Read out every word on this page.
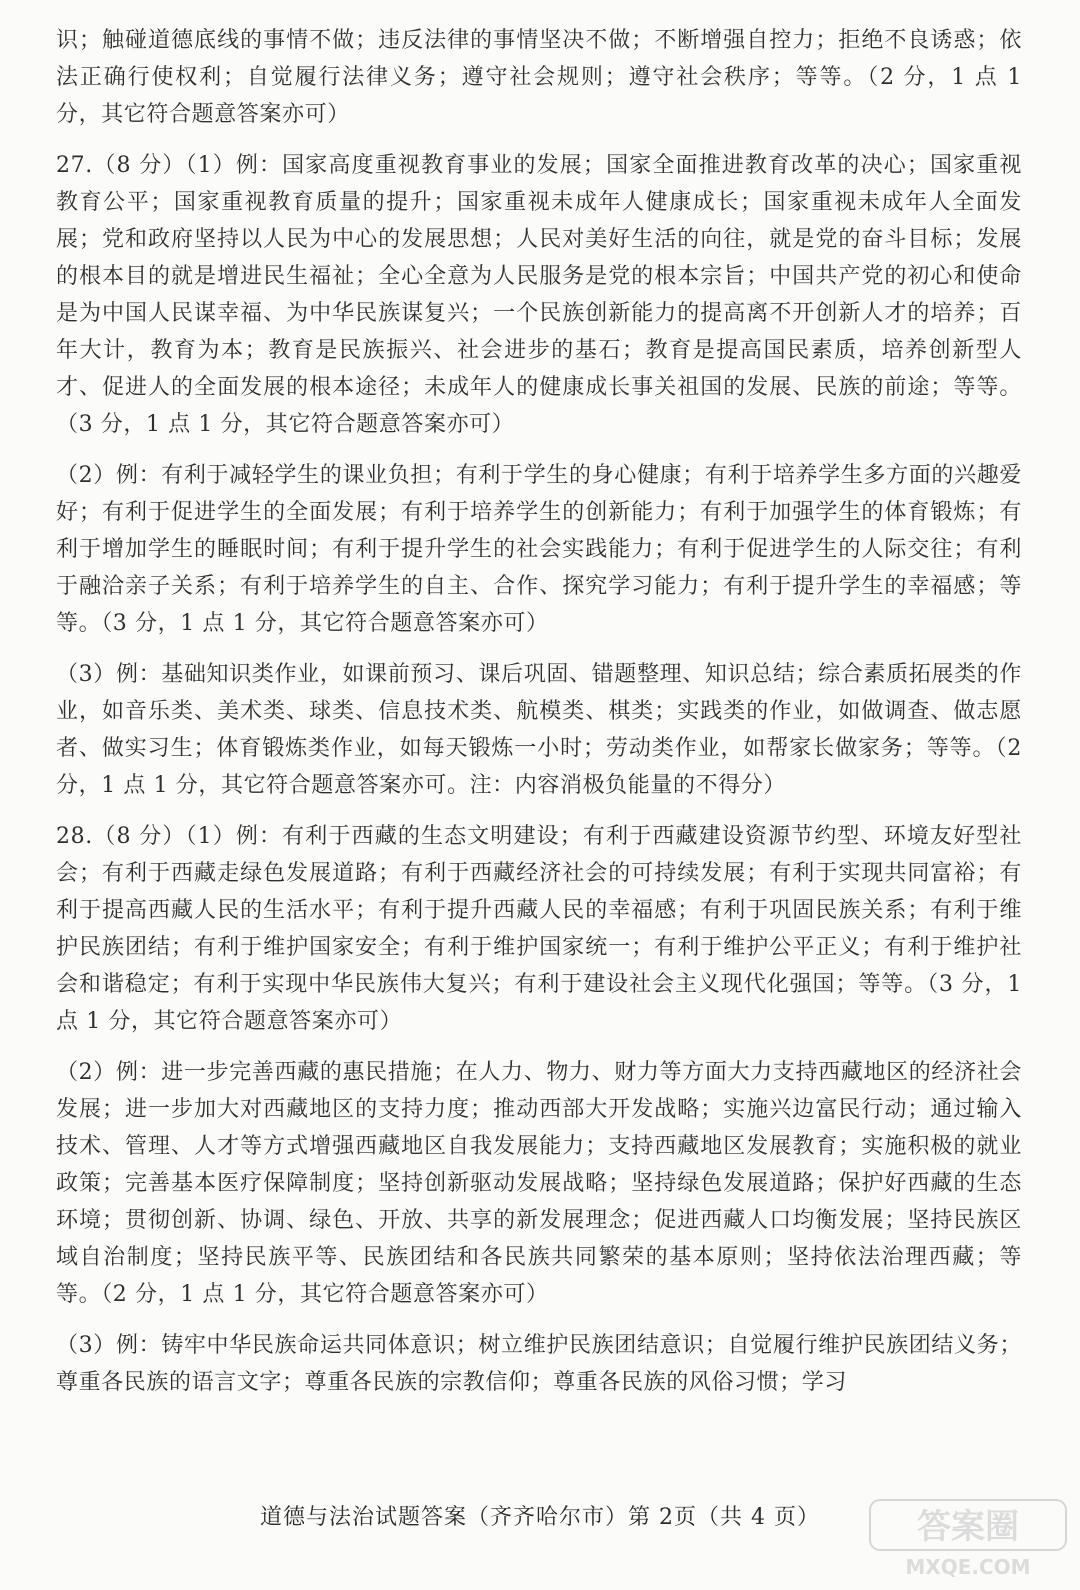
识；触碰道德底线的事情不做；违反法律的事情坚决不做；不断增强自控力；拒绝不良诱惑；依法正确行使权利；自觉履行法律义务；遵守社会规则；遵守社会秩序；等等。（2 分，1 点 1 分，其它符合题意答案亦可）

27.（8 分）（1）例：国家高度重视教育事业的发展；国家全面推进教育改革的决心；国家重视教育公平；国家重视教育质量的提升；国家重视未成年人健康成长；国家重视未成年人全面发展；党和政府坚持以人民为中心的发展思想；人民对美好生活的向往，就是党的奋斗目标；发展的根本目的就是增进民生福祉；全心全意为人民服务是党的根本宗旨；中国共产党的初心和使命是为中国人民谋幸福、为中华民族谋复兴；一个民族创新能力的提高离不开创新人才的培养；百年大计，教育为本；教育是民族振兴、社会进步的基石；教育是提高国民素质，培养创新型人才、促进人的全面发展的根本途径；未成年人的健康成长事关祖国的发展、民族的前途；等等。（3 分，1 点 1 分，其它符合题意答案亦可）

（2）例：有利于减轻学生的课业负担；有利于学生的身心健康；有利于培养学生多方面的兴趣爱好；有利于促进学生的全面发展；有利于培养学生的创新能力；有利于加强学生的体育锻炼；有利于增加学生的睡眠时间；有利于提升学生的社会实践能力；有利于促进学生的人际交往；有利于融洽亲子关系；有利于培养学生的自主、合作、探究学习能力；有利于提升学生的幸福感；等等。（3 分，1 点 1 分，其它符合题意答案亦可）

（3）例：基础知识类作业，如课前预习、课后巩固、错题整理、知识总结；综合素质拓展类的作业，如音乐类、美术类、球类、信息技术类、航模类、棋类；实践类的作业，如做调查、做志愿者、做实习生；体育锻炼类作业，如每天锻炼一小时；劳动类作业，如帮家长做家务；等等。（2 分，1 点 1 分，其它符合题意答案亦可。注：内容消极负能量的不得分）

28.（8 分）（1）例：有利于西藏的生态文明建设；有利于西藏建设资源节约型、环境友好型社会；有利于西藏走绿色发展道路；有利于西藏经济社会的可持续发展；有利于实现共同富裕；有利于提高西藏人民的生活水平；有利于提升西藏人民的幸福感；有利于巩固民族关系；有利于维护民族团结；有利于维护国家安全；有利于维护国家统一；有利于维护公平正义；有利于维护社会和谐稳定；有利于实现中华民族伟大复兴；有利于建设社会主义现代化强国；等等。（3 分，1 点 1 分，其它符合题意答案亦可）

（2）例：进一步完善西藏的惠民措施；在人力、物力、财力等方面大力支持西藏地区的经济社会发展；进一步加大对西藏地区的支持力度；推动西部大开发战略；实施兴边富民行动；通过输入技术、管理、人才等方式增强西藏地区自我发展能力；支持西藏地区发展教育；实施积极的就业政策；完善基本医疗保障制度；坚持创新驱动发展战略；坚持绿色发展道路；保护好西藏的生态环境；贯彻创新、协调、绿色、开放、共享的新发展理念；促进西藏人口均衡发展；坚持民族区域自治制度；坚持民族平等、民族团结和各民族共同繁荣的基本原则；坚持依法治理西藏；等等。（2 分，1 点 1 分，其它符合题意答案亦可）

（3）例：铸牢中华民族命运共同体意识；树立维护民族团结意识；自觉履行维护民族团结义务；尊重各民族的语言文字；尊重各民族的宗教信仰；尊重各民族的风俗习惯；学习

道德与法治试题答案（齐齐哈尔市）第 2页（共 4 页）	答案圈
MXQE.COM
